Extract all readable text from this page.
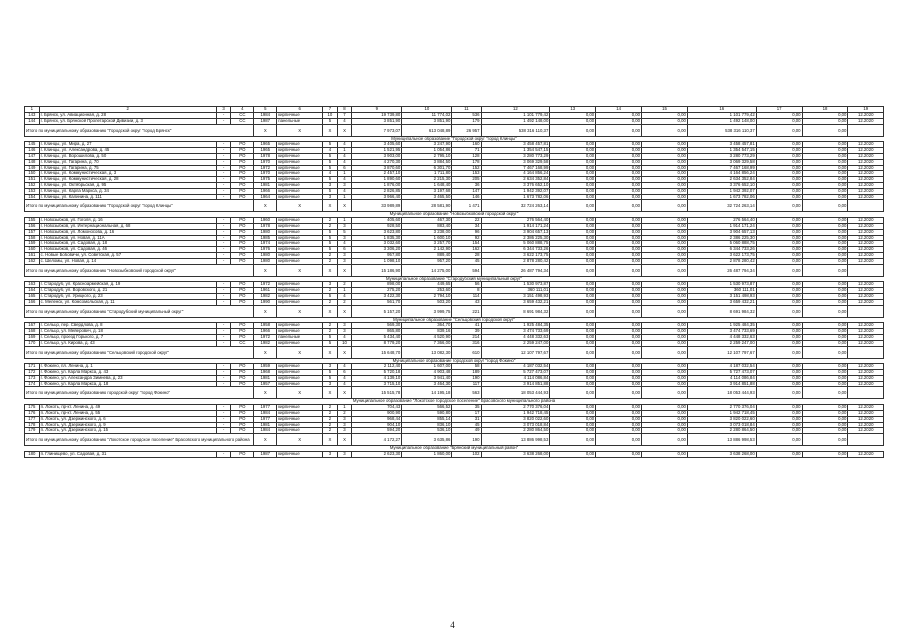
1	2	3	4	5	6	7	8	9	10	11	12	13	14	15	16	17	18	19
143	г. Брянск, ул. Авиационная, д. 28	-	СС	1984	кирпичные	10	7	19 739,80	11 774,02	536	1 101 779,42	0,00	0,00	0,00	1 101 779,42	0,00	0,00	12.2020
144	г. Брянск, ул. Брянской Пролетарской Дивизии, д. 3	-	СС	1987	панельные	5	4	3 851,90	3 851,90	179	1 492 148,00	0,00	0,00	0,00	1 492 148,00	0,00	0,00	12.2020
Итого по муниципальному образованию "Городской округ "город Брянск"				X	X	X	X	7 973,07	613 048,89	26 957	538 316 110,37	0,00	0,00	0,00	538 316 110,37	0,00	0,00	
Муниципальное образование "Городской округ "город Клинцы"																		
145	г. Клинцы, ул. Мира, д. 27	-	РО	1965	кирпичные	5	4	3 405,60	3 247,90	160	3 458 457,81	0,00	0,00	0,00	3 458 457,81	0,00	0,00	12.2020
146	г. Клинцы, ул. Александрова, д. 45	-	РО	1965	кирпичные	4	1	1 521,95	1 054,86	71	1 354 547,15	0,00	0,00	0,00	1 354 547,15	0,00	0,00	12.2020
147	г. Клинцы, ул. Ворошилова, д. 50	-	РО	1978	кирпичные	5	4	3 903,00	2 795,10	128	3 280 773,29	0,00	0,00	0,00	3 280 773,29	0,00	0,00	12.2020
148	г. Клинцы, ул. Гагарина, д. 70	-	РО	1970	кирпичные	5	4	4 270,30	3 884,50	178	3 069 329,58	0,00	0,00	0,00	3 069 329,58	0,00	0,00	12.2020
149	г. Клинцы, ул. Гагарина, д. 75	-	РО	1972	кирпичные	5	6	3 870,60	6 301,70	152	7 467 168,99	0,00	0,00	0,00	7 467 168,99	0,00	0,00	12.2020
150	г. Клинцы, ул. Коммунистическая, д. 3	-	РО	1970	кирпичные	4	1	2 457,10	1 711,80	153	4 164 856,24	0,00	0,00	0,00	4 164 856,24	0,00	0,00	12.2020
151	г. Клинцы, ул. Коммунистическая, д. 28	-	РО	1975	кирпичные	5	4	1 890,60	2 215,30	205	2 634 352,84	0,00	0,00	0,00	2 634 352,84	0,00	0,00	12.2020
152	г. Клинцы, ул. Октябрьская, д. 95	-	РО	1981	кирпичные	3	3	1 876,00	1 648,40	36	3 376 652,10	0,00	0,00	0,00	3 376 652,10	0,00	0,00	12.2020
153	г. Клинцы, ул. Карла Маркса, д. 34	-	РО	1966	кирпичные	5	4	2 826,85	3 197,68	147	1 942 392,07	0,00	0,00	0,00	1 942 392,07	0,00	0,00	12.2020
154	г. Клинцы, ул. Калинина, д. 111	-	РО	1964	кирпичные	3	1	3 966,40	3 465,50	146	1 673 782,06	0,00	0,00	0,00	1 673 782,06	0,00	0,00	12.2020
Итого по муниципальному образованию "Городской округ "город Клинцы"				X	X	X	X	33 989,89	28 581,90	1 471	32 724 263,14	0,00	0,00	0,00	32 724 263,14	0,00	0,00	
Муниципальное образование "Новозыбковский городской округ"																		
155	г. Новозыбков, ул. Гоголя, д. 16	-	РО	1960	кирпичные	2	1	405,60	467,30	22	276 564,40	0,00	0,00	0,00	276 564,40	0,00	0,00	12.2020
156	г. Новозыбков, ул. Интернациональная, д. 68	-	РО	1978	кирпичные	2	3	928,50	883,40	34	1 914 171,24	0,00	0,00	0,00	1 914 171,24	0,00	0,00	12.2020
157	г. Новозыбков, ул. Ломоносова, д. 16	-	РО	1980	кирпичные	5	5	3 623,80	3 238,00	96	3 904 657,13	0,00	0,00	0,00	3 904 657,13	0,00	0,00	12.2020
158	г. Новозыбков, ул. Новая, д. 11А	-	РО	1985	кирпичные	5	3	1 835,30	1 600,10	92	2 386 225,30	0,00	0,00	0,00	2 386 225,30	0,00	0,00	12.2020
159	г. Новозыбков, ул. Садовая, д. 18	-	РО	1974	кирпичные	5	4	3 032,60	3 257,70	154	5 060 888,75	0,00	0,00	0,00	5 060 888,75	0,00	0,00	12.2020
160	г. Новозыбков, ул. Садовая, д. 46	-	РО	1976	кирпичные	5	6	3 306,20	2 142,90	162	6 344 733,26	0,00	0,00	0,00	6 344 733,26	0,00	0,00	12.2020
161	с. Новые Бобовичи, ул. Советская, д. 57	-	РО	1980	кирпичные	2	3	957,80	889,40	28	3 622 173,75	0,00	0,00	0,00	3 622 173,75	0,00	0,00	12.2020
162	с. Шеломы, ул. Новая, д. 14	-	РО	1980	кирпичные	2	3	1 098,10	957,20	45	2 878 280,42	0,00	0,00	0,00	2 878 280,42	0,00	0,00	12.2020
Итого по муниципальному образованию "Новозыбковский городской округ"				X	X	X	X	15 186,90	14 275,00	594	26 487 794,34	0,00	0,00	0,00	26 487 794,34	0,00	0,00	
Муниципальное образование "Стародубский муниципальный округ"																		
163	г. Стародуб, ул. Красноармейская, д. 19	-	РО	1972	кирпичные	3	2	898,00	449,65	56	1 530 973,87	0,00	0,00	0,00	1 530 973,87	0,00	0,00	12.2020
164	г. Стародуб, ул. Воровского, д. 21	-	РО	1961	кирпичные	2	1	275,20	253,60	8	360 111,01	0,00	0,00	0,00	360 111,01	0,00	0,00	12.2020
165	г. Стародуб, ул. Урицкого, д. 23	-	РО	1982	кирпичные	5	4	3 422,30	2 794,10	114	3 151 498,93	0,00	0,00	0,00	3 151 498,93	0,00	0,00	12.2020
166	с. Меленск, ул. Комсомольская, д. 11	-	РО	1990	кирпичные	2	2	561,70	503,20	43	3 659 432,21	0,00	0,00	0,00	3 659 432,21	0,00	0,00	12.2020
Итого по муниципальному образованию "Стародубский муниципальный округ"				X	X	X	X	5 157,20	3 999,75	221	8 691 984,32	0,00	0,00	0,00	8 691 984,32	0,00	0,00	
Муниципальное образование "Сельцовский городской округ"																		
167	г. Сельцо, пер. Свердлова, д. 8	-	РО	1958	кирпичные	2	3	569,30	364,70	41	1 925 484,35	0,00	0,00	0,00	1 925 484,35	0,00	0,00	12.2020
168	г. Сельцо, ул. Мейерович, д. 18	-	РО	1966	кирпичные	2	3	865,80	839,16	39	3 474 733,69	0,00	0,00	0,00	3 474 733,69	0,00	0,00	12.2020
169	г. Сельцо, проезд Горького, д. 7	-	РО	1972	панельные	5	4	5 434,40	4 520,90	214	4 448 332,63	0,00	0,00	0,00	4 448 332,63	0,00	0,00	12.2020
170	г. Сельцо, ул. Кирова, д. 43	-	СС	1982	кирпичные	5	10	8 779,20	7 366,00	316	2 259 247,00	0,00	0,00	0,00	2 259 247,00	0,00	0,00	12.2020
Итого по муниципальному образованию "Сельцовский городской округ"				X	X	X	X	15 648,70	13 082,30	610	12 107 797,67	0,00	0,00	0,00	12 107 797,67	0,00	0,00	
Муниципальное образование городской округ "город Фокино"																		
171	г. Фокино, пл. Ленина, д. 1	-	РО	1959	кирпичные	3	4	2 112,40	1 607,00	58	4 187 032,54	0,00	0,00	0,00	4 187 032,54	0,00	0,00	12.2020
172	г. Фокино, ул. Карла Маркса, д. 43	-	РО	1968	кирпичные	5	6	5 720,18	4 903,48	189	5 727 473,07	0,00	0,00	0,00	5 727 473,07	0,00	0,00	12.2020
173	г. Фокино, ул. Александра Зимнева, д. 23	-	РО	1981	кирпичные	5	4	4 139,10	3 941,40	190	4 114 086,84	0,00	0,00	0,00	4 114 086,84	0,00	0,00	12.2020
174	г. Фокино, ул. Карла Маркса, д. 18	-	РО	1957	кирпичные	3	4	3 715,10	3 464,30	117	3 914 851,88	0,00	0,00	0,00	3 914 851,88	0,00	0,00	12.2020
Итого по муниципальному образованию городской округ "город Фокино"				X	X	X	X	15 515,78	14 195,18	563	18 053 444,93	0,00	0,00	0,00	18 053 444,93	0,00	0,00	
Муниципальное образование "Локотское городское поселение" Брасовского муниципального района																		
175	п. Локоть, пр-кт. Ленина, д. 49	-	РО	1977	кирпичные	2	1	704,43	566,52	35	2 770 376,04	0,00	0,00	0,00	2 770 376,04	0,00	0,00	12.2020
176	п. Локоть, пр-кт. Ленина, д. 55	-	РО	1984	кирпичные	2	2	900,90	590,80	17	1 942 718,45	0,00	0,00	0,00	1 942 718,45	0,00	0,00	12.2020
177	п. Локоть, ул. Дзержинского, д. 6	-	РО	1977	кирпичные	2	3	968,44	855,14	31	3 820 022,60	0,00	0,00	0,00	3 820 022,60	0,00	0,00	12.2020
178	п. Локоть, ул. Дзержинского, д. 9	-	РО	1981	кирпичные	2	3	904,10	836,10	45	3 073 018,84	0,00	0,00	0,00	3 073 018,84	0,00	0,00	12.2020
179	п. Локоть, ул. Дзержинского, д. 15	-	РО	1984	кирпичные	2	3	594,20	536,10	49	2 280 864,50	0,00	0,00	0,00	2 280 864,50	0,00	0,00	12.2020
Итого по муниципальному образованию "Локотское городское поселение" Брасовского муниципального района				X	X	X	X	4 172,27	3 635,86	190	13 886 998,53	0,00	0,00	0,00	13 886 998,53	0,00	0,00	
Муниципальное образование "Брянский муниципальный район"																		
180	п. Глинищево, ул. Садовая, д. 31	-	РО	1987	кирпичные	3	3	2 623,30	1 860,00	102	3 638 268,00	0,00	0,00	0,00	3 638 268,00	0,00	0,00	12.2020
4
